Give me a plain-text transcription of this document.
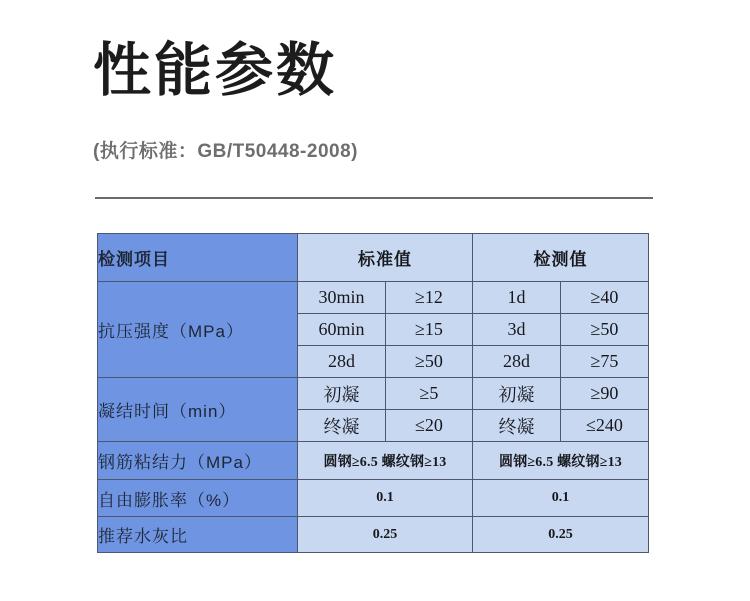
性能参数
(执行标准：GB/T50448-2008)
检测项目	标准值		检测值	
抗压强度（MPa）	30min	≥12	1d	≥40
	60min	≥15	3d	≥50
	28d	≥50	28d	≥75
凝结时间（min）	初凝	≥5	初凝	≥90
	终凝	≤20	终凝	≤240
钢筋粘结力（MPa）	圆钢≥6.5 螺纹钢≥13		圆钢≥6.5 螺纹钢≥13	
自由膨胀率（%）	0.1		0.1	
推荐水灰比	0.25		0.25	
